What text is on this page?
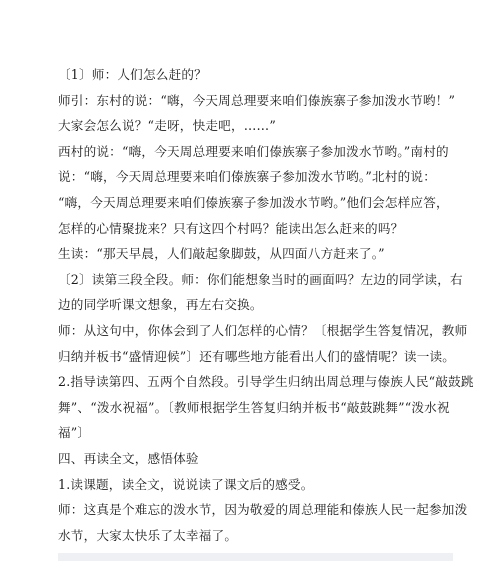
〔1〕师：人们怎么赶的？
师引：东村的说：“嗨，今天周总理要来咱们傣族寨子参加泼水节哟！”
大家会怎么说？“走呀，快走吧，……”
西村的说：“嗨，今天周总理要来咱们傣族寨子参加泼水节哟。”南村的
说：“嗨，今天周总理要来咱们傣族寨子参加泼水节哟。”北村的说：
“嗨，今天周总理要来咱们傣族寨子参加泼水节哟。”他们会怎样应答，
怎样的心情聚拢来？只有这四个村吗？能读出怎么赶来的吗？
生读：“那天早晨，人们敲起象脚鼓，从四面八方赶来了。”
〔2〕读第三段全段。师：你们能想象当时的画面吗？左边的同学读，右
边的同学听课文想象，再左右交换。
师：从这句中，你体会到了人们怎样的心情？〔根据学生答复情况，教师
归纳并板书“盛情迎候”〕还有哪些地方能看出人们的盛情呢？读一读。
2.指导读第四、五两个自然段。引导学生归纳出周总理与傣族人民“敲鼓跳
舞”、“泼水祝福”。〔教师根据学生答复归纳并板书“敲鼓跳舞”“泼水祝
福”〕
四、再读全文，感悟体验
1.读课题，读全文，说说读了课文后的感受。
师：这真是个难忘的泼水节，因为敬爱的周总理能和傣族人民一起参加泼
水节，大家太快乐了太幸福了。
